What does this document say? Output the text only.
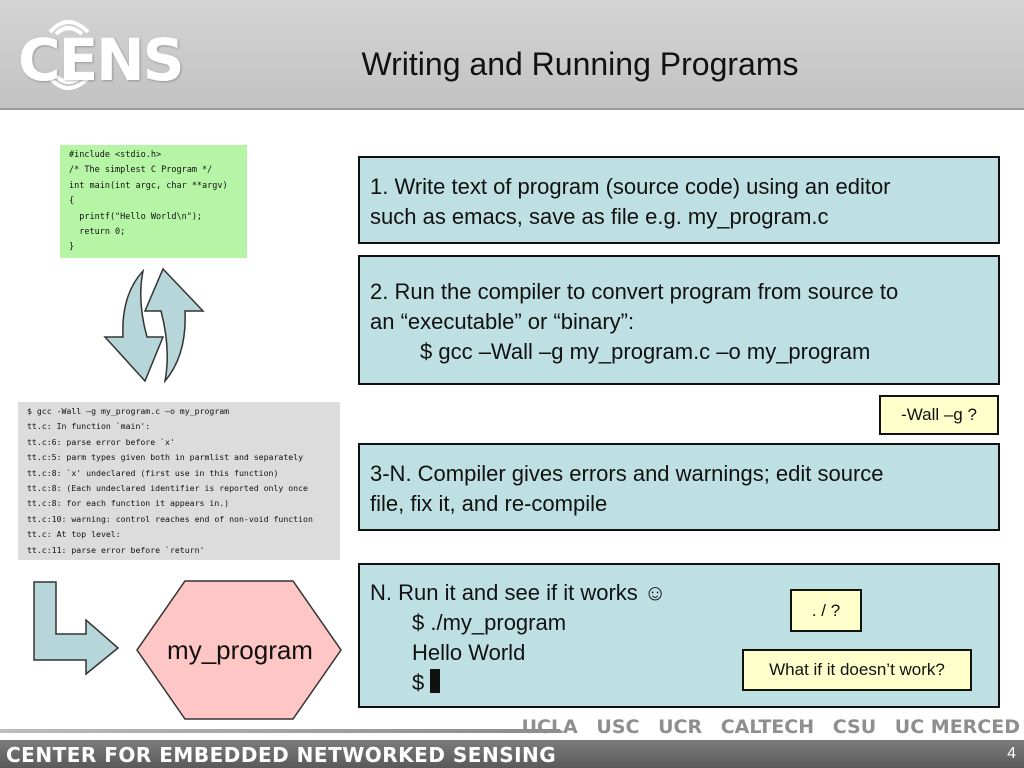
CENS	Writing and Running Programs
#include <stdio.h>
/* The simplest C Program */
int main(int argc, char **argv)
{
printf("Hello World\n");
return 0;
}
$ gcc -Wall –g my_program.c –o my_program
tt.c: In function `main':
tt.c:6: parse error before `x'
tt.c:5: parm types given both in parmlist and separately
tt.c:8: `x' undeclared (first use in this function)
tt.c:8: (Each undeclared identifier is reported only once
tt.c:8: for each function it appears in.)
tt.c:10: warning: control reaches end of non-void function
tt.c: At top level:
tt.c:11: parse error before `return'
my_program
1. Write text of program (source code) using an editor
such as emacs, save as file e.g. my_program.c
2. Run the compiler to convert program from source to
an “executable” or “binary”:
$ gcc –Wall –g my_program.c –o my_program
-Wall –g ?
3-N. Compiler gives errors and warnings; edit source
file, fix it, and re-compile
N. Run it and see if it works ☺
$ ./my_program
Hello World
$
. / ?
What if it doesn’t work?
UCLA USC UCR CALTECH CSU UC MERCED
CENTER FOR EMBEDDED NETWORKED SENSING	4
